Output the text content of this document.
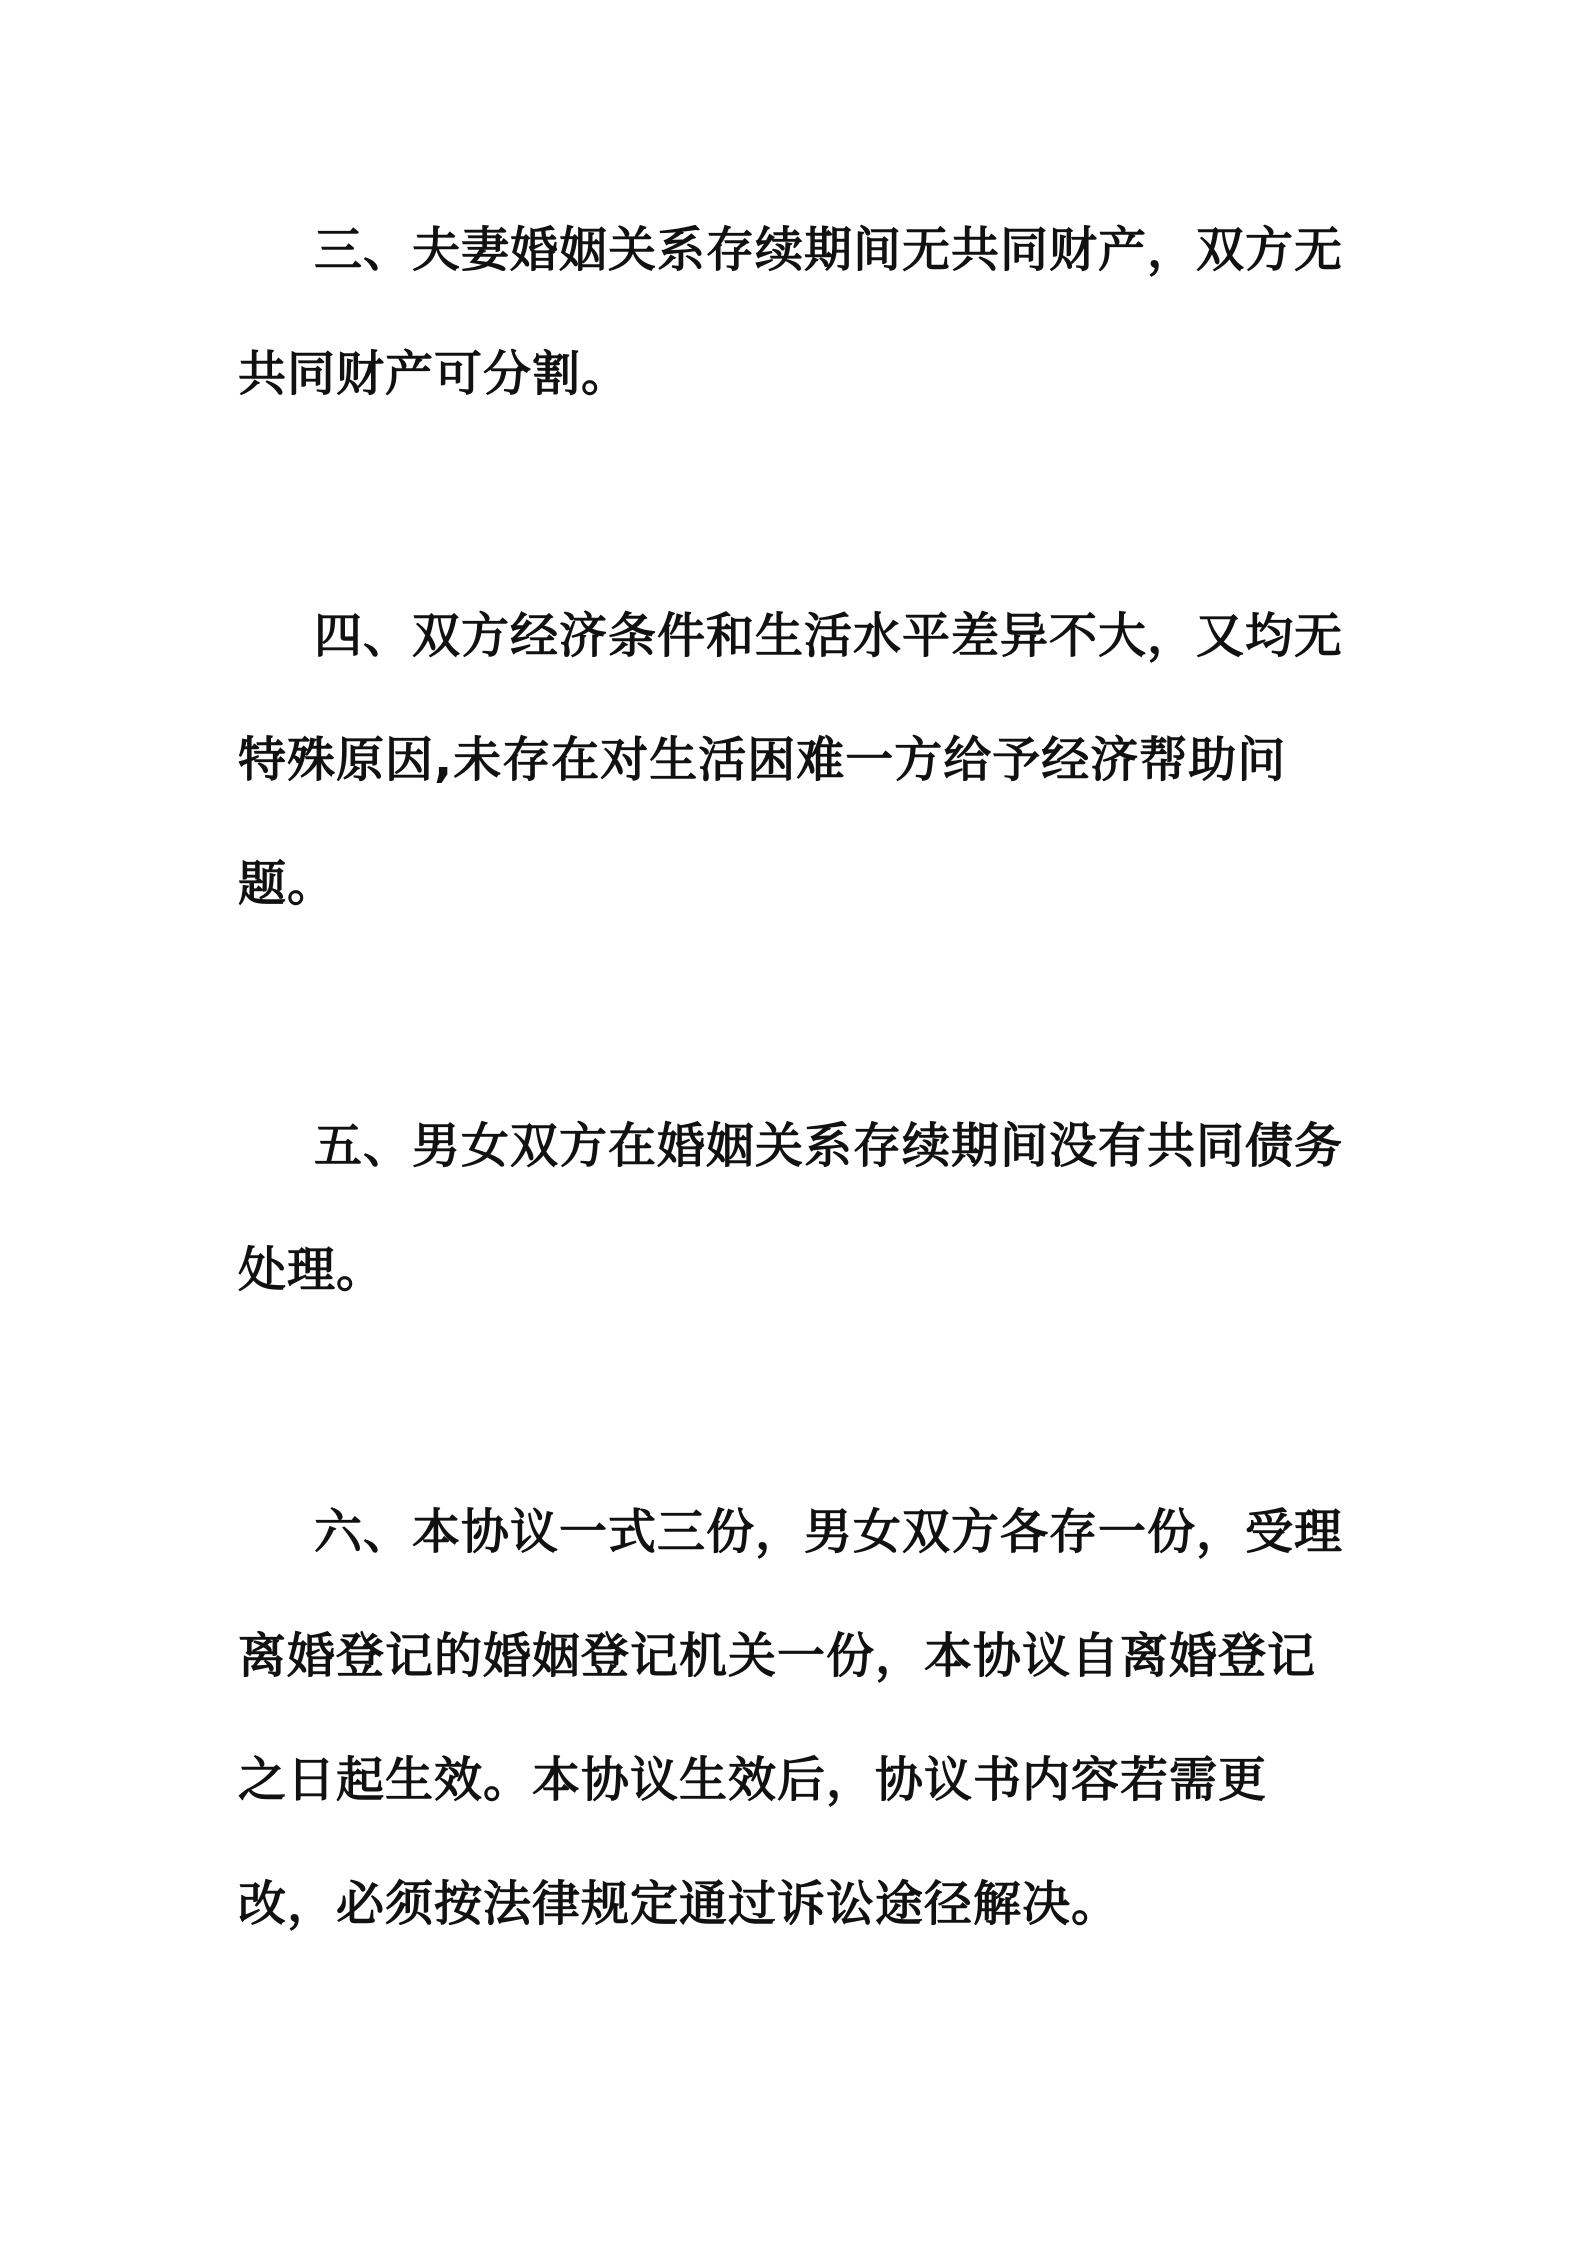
三、夫妻婚姻关系存续期间无共同财产，双方无共同财产可分割。

四、双方经济条件和生活水平差异不大，又均无特殊原因,未存在对生活困难一方给予经济帮助问题。

五、男女双方在婚姻关系存续期间没有共同债务处理。

六、本协议一式三份，男女双方各存一份，受理离婚登记的婚姻登记机关一份，本协议自离婚登记之日起生效。本协议生效后，协议书内容若需更改，必须按法律规定通过诉讼途径解决。
